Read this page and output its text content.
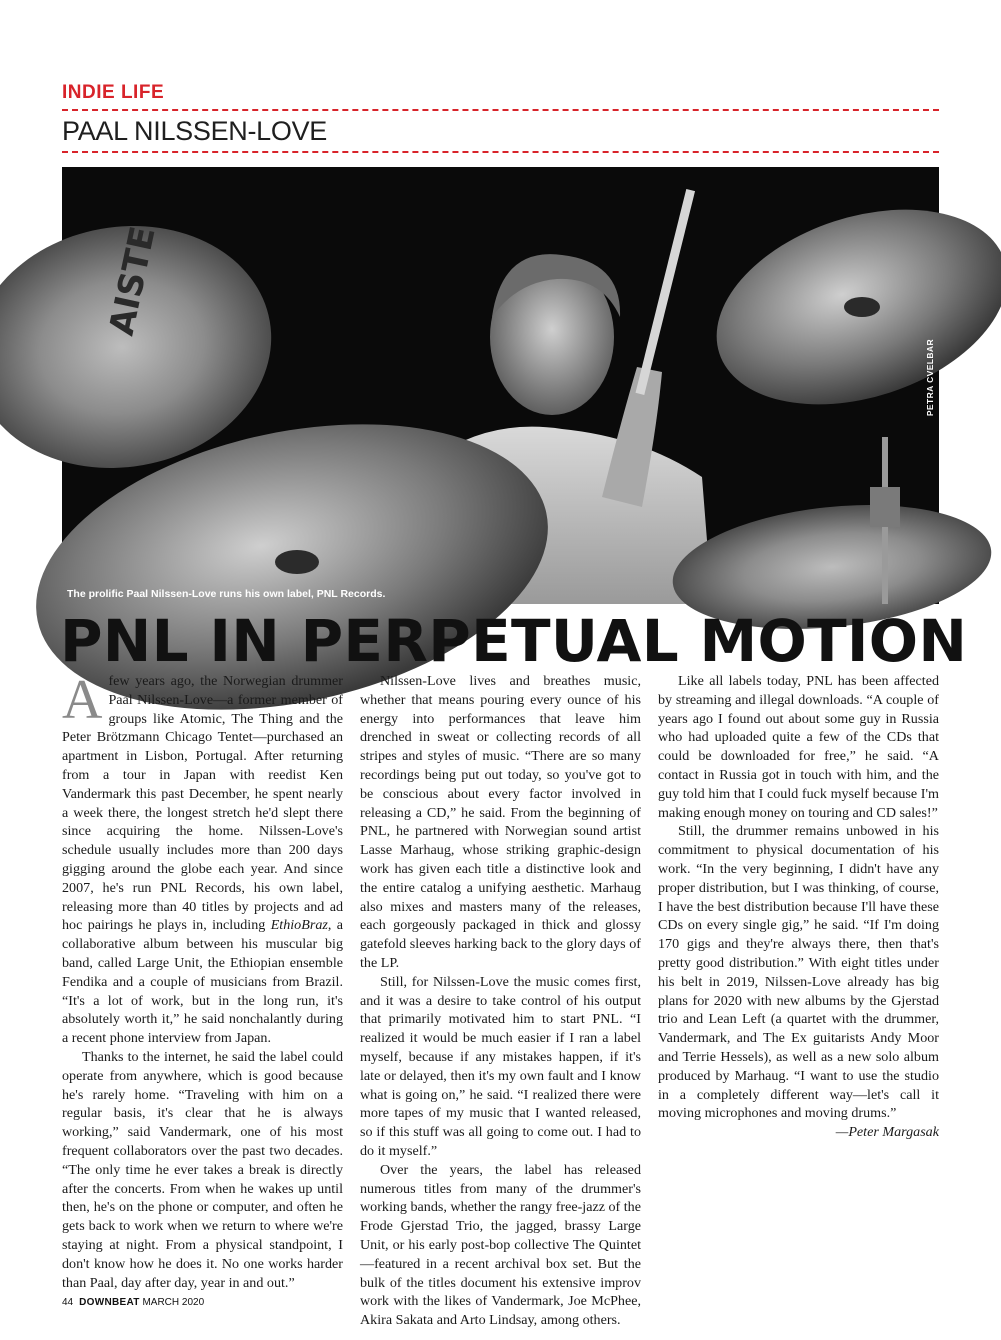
INDIE LIFE
PAAL NILSSEN-LOVE
AISTE
PETRA CVELBAR
The prolific Paal Nilssen-Love runs his own label, PNL Records.
PNL IN PERPETUAL MOTION

A few years ago, the Norwegian drummer Paal Nilssen-Love—a former member of groups like Atomic, The Thing and the Peter Brötzmann Chicago Tentet—purchased an apartment in Lisbon, Portugal. After returning from a tour in Japan with reedist Ken Vandermark this past December, he spent nearly a week there, the longest stretch he'd slept there since acquiring the home. Nilssen-Love's schedule usually includes more than 200 days gigging around the globe each year. And since 2007, he's run PNL Records, his own label, releasing more than 40 titles by projects and ad hoc pairings he plays in, including EthioBraz, a collaborative album between his muscular big band, called Large Unit, the Ethiopian ensemble Fendika and a couple of musicians from Brazil. “It's a lot of work, but in the long run, it's absolutely worth it,” he said nonchalantly during a recent phone interview from Japan.

Thanks to the internet, he said the label could operate from anywhere, which is good because he's rarely home. “Traveling with him on a regular basis, it's clear that he is always working,” said Vandermark, one of his most frequent collaborators over the past two decades. “The only time he ever takes a break is directly after the concerts. From when he wakes up until then, he's on the phone or computer, and often he gets back to work when we return to where we're staying at night. From a physical standpoint, I don't know how he does it. No one works harder than Paal, day after day, year in and out.”

Nilssen-Love lives and breathes music, whether that means pouring every ounce of his energy into performances that leave him drenched in sweat or collecting records of all stripes and styles of music. “There are so many recordings being put out today, so you've got to be conscious about every factor involved in releasing a CD,” he said. From the beginning of PNL, he partnered with Norwegian sound artist Lasse Marhaug, whose striking graphic-design work has given each title a distinctive look and the entire catalog a unifying aesthetic. Marhaug also mixes and masters many of the releases, each gorgeously packaged in thick and glossy gatefold sleeves harking back to the glory days of the LP.

Still, for Nilssen-Love the music comes first, and it was a desire to take control of his output that primarily motivated him to start PNL. “I realized it would be much easier if I ran a label myself, because if any mistakes happen, if it's late or delayed, then it's my own fault and I know what is going on,” he said. “I realized there were more tapes of my music that I wanted released, so if this stuff was all going to come out. I had to do it myself.”

Over the years, the label has released numerous titles from many of the drummer's working bands, whether the rangy free-jazz of the Frode Gjerstad Trio, the jagged, brassy Large Unit, or his early post-bop collective The Quintet—featured in a recent archival box set. But the bulk of the titles document his extensive improv work with the likes of Vandermark, Joe McPhee, Akira Sakata and Arto Lindsay, among others.

Like all labels today, PNL has been affected by streaming and illegal downloads. “A couple of years ago I found out about some guy in Russia who had uploaded quite a few of the CDs that could be downloaded for free,” he said. “A contact in Russia got in touch with him, and the guy told him that I could fuck myself because I'm making enough money on touring and CD sales!”

Still, the drummer remains unbowed in his commitment to physical documentation of his work. “In the very beginning, I didn't have any proper distribution, but I was thinking, of course, I have the best distribution because I'll have these CDs on every single gig,” he said. “If I'm doing 170 gigs and they're always there, then that's pretty good distribution.” With eight titles under his belt in 2019, Nilssen-Love already has big plans for 2020 with new albums by the Gjerstad trio and Lean Left (a quartet with the drummer, Vandermark, and The Ex guitarists Andy Moor and Terrie Hessels), as well as a new solo album produced by Marhaug. “I want to use the studio in a completely different way—let's call it moving microphones and moving drums.”
—Peter Margasak

44 DOWNBEAT MARCH 2020
